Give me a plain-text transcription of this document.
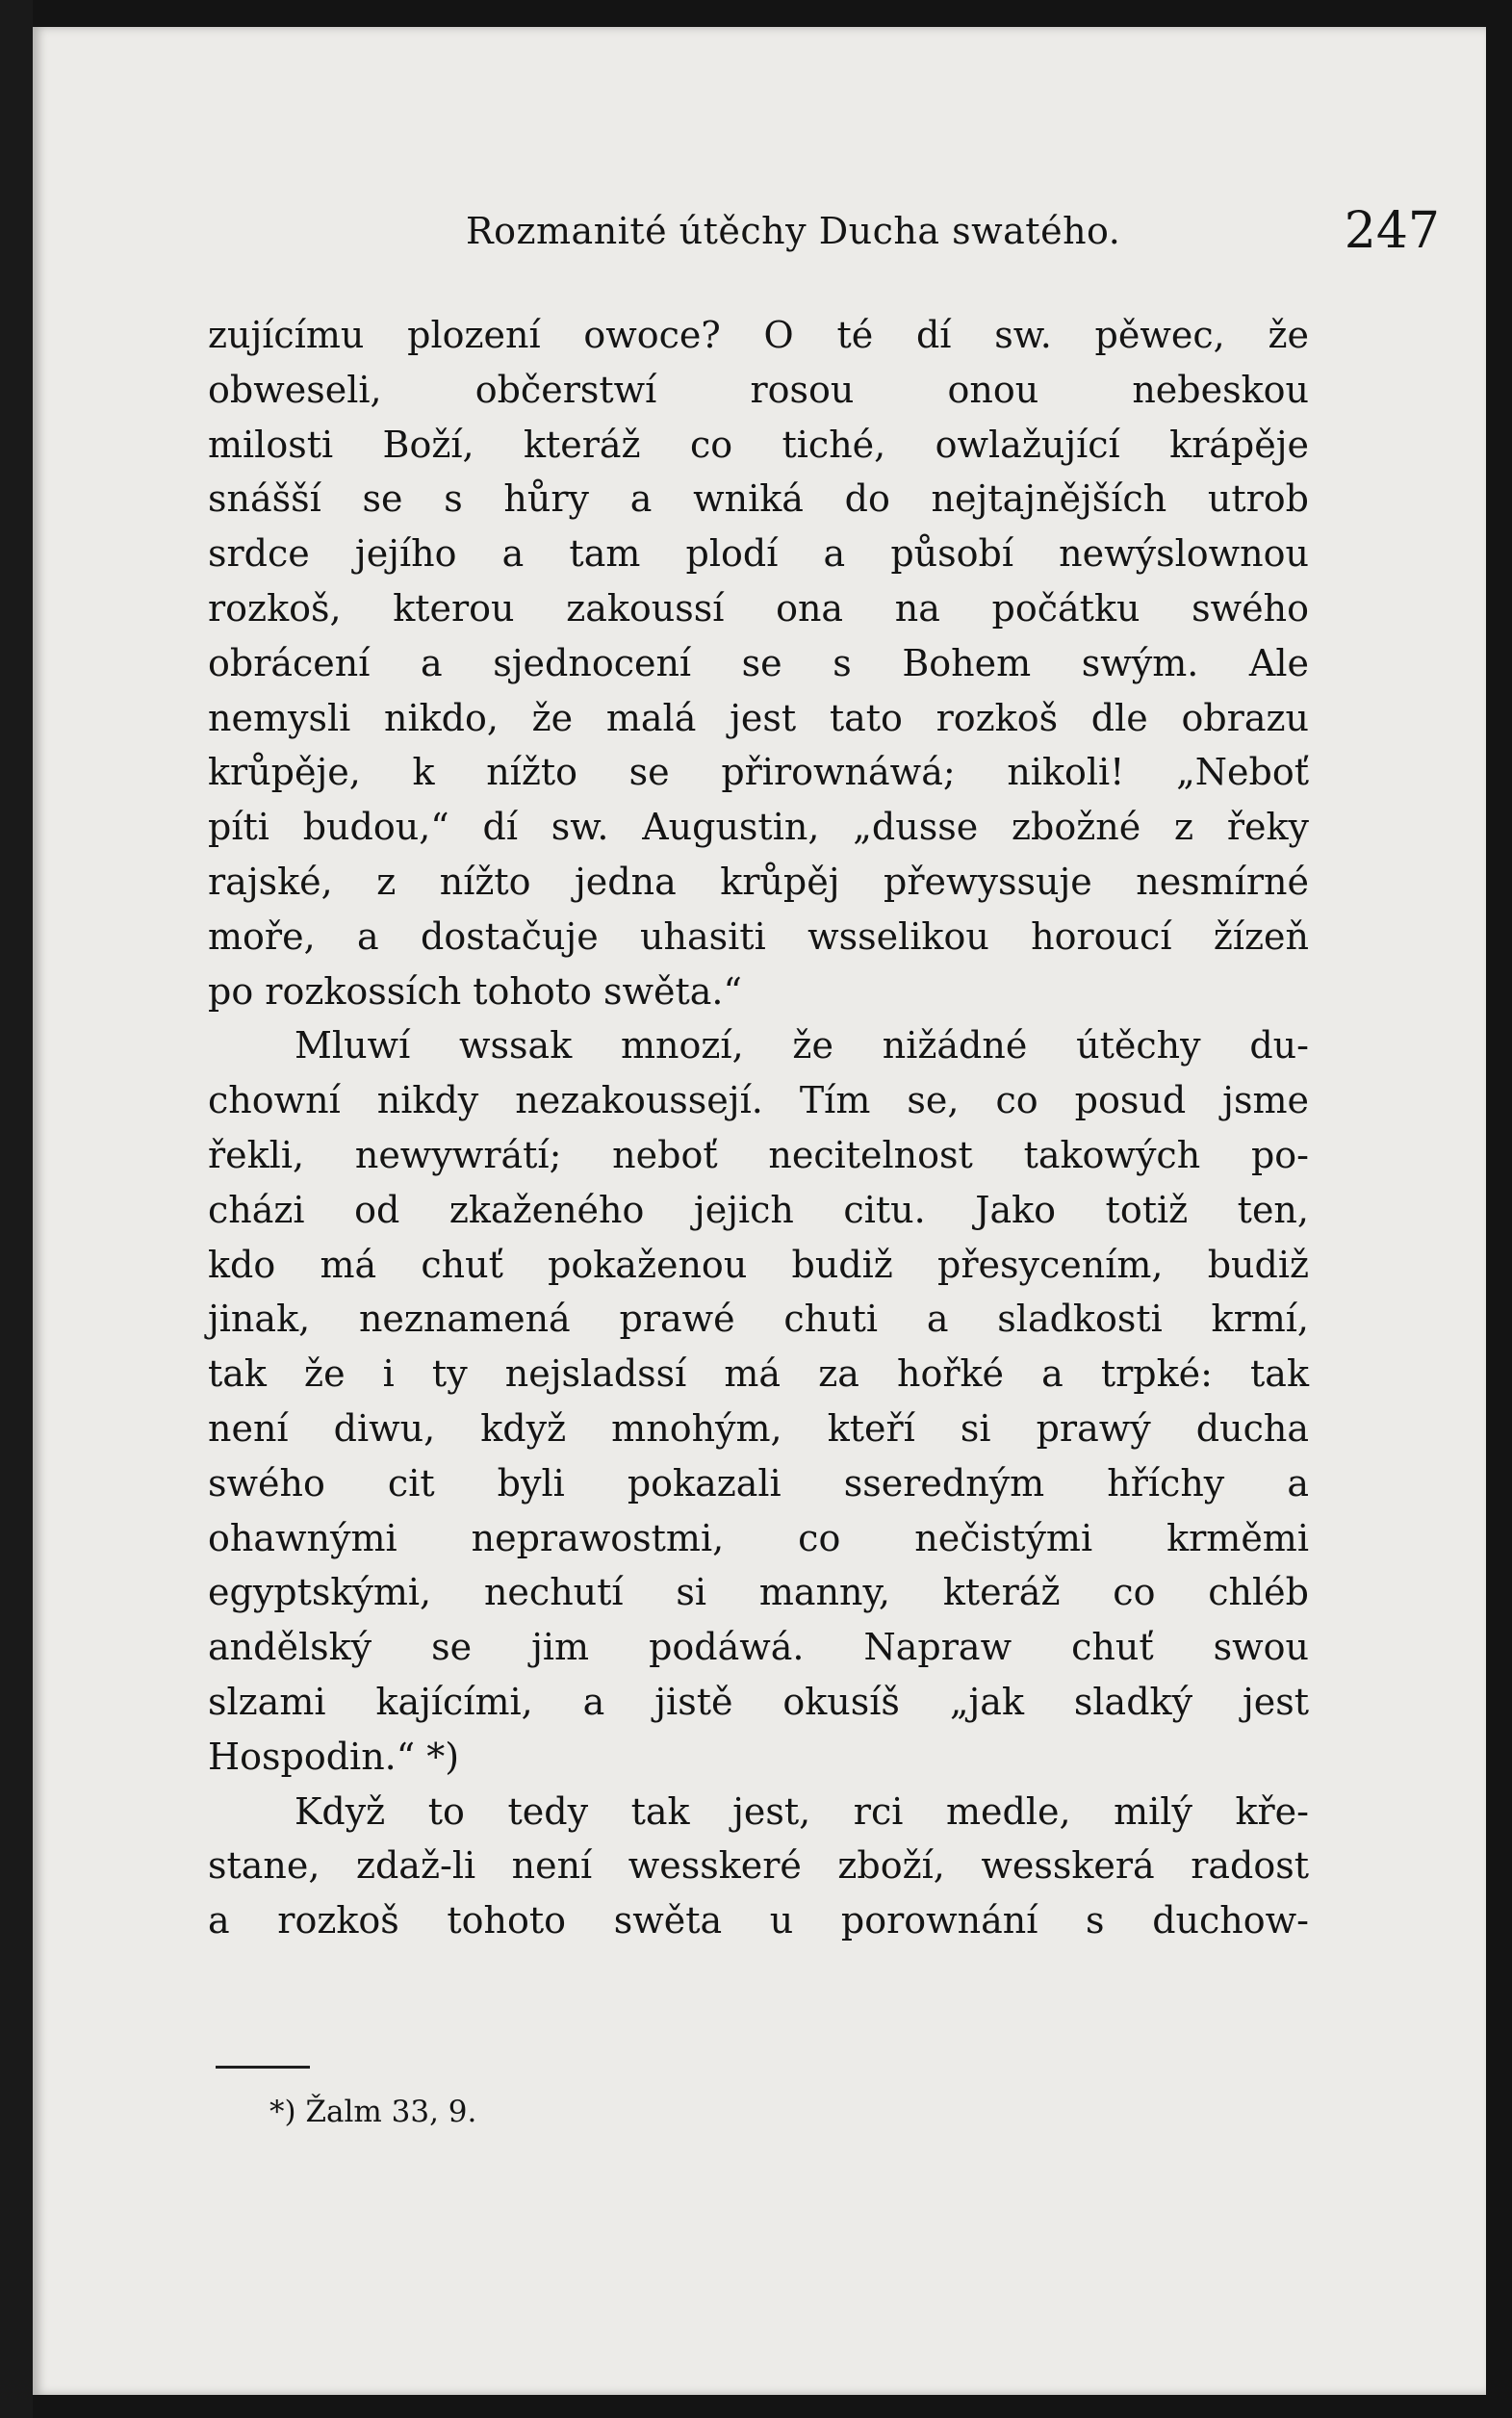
Rozmanité útěchy Ducha swatého.	247
zujícímu plození owoce? O té dí sw. pěwec, že
obweseli, občerstwí rosou onou nebeskou
milosti Boží, kteráž co tiché, owlažující krápěje
snášší se s hůry a wniká do nejtajnějších utrob
srdce jejího a tam plodí a působí newýslownou
rozkoš, kterou zakoussí ona na počátku swého
obrácení a sjednocení se s Bohem swým. Ale
nemysli nikdo, že malá jest tato rozkoš dle obrazu
krůpěje, k nížto se přirownáwá; nikoli! „Neboť
píti budou,“ dí sw. Augustin, „dusse zbožné z řeky
rajské, z nížto jedna krůpěj přewyssuje nesmírné
moře, a dostačuje uhasiti wsselikou horoucí žízeň
po rozkossích tohoto swěta.“
Mluwí wssak mnozí, že nižádné útěchy du-
chowní nikdy nezakoussejí. Tím se, co posud jsme
řekli, newywrátí; neboť necitelnost takowých po-
cházi od zkaženého jejich citu. Jako totiž ten,
kdo má chuť pokaženou budiž přesycením, budiž
jinak, neznamená prawé chuti a sladkosti krmí,
tak že i ty nejsladssí má za hořké a trpké: tak
není diwu, když mnohým, kteří si prawý ducha
swého cit byli pokazali sseredným hříchy a
ohawnými neprawostmi, co nečistými krměmi
egyptskými, nechutí si manny, kteráž co chléb
andělský se jim podáwá. Napraw chuť swou
slzami kajícími, a jistě okusíš „jak sladký jest
Hospodin.“ *)
Když to tedy tak jest, rci medle, milý kře-
stane, zdaž-li není wesskeré zboží, wesskerá radost
a rozkoš tohoto swěta u porownání s duchow-
*) Žalm 33, 9.
